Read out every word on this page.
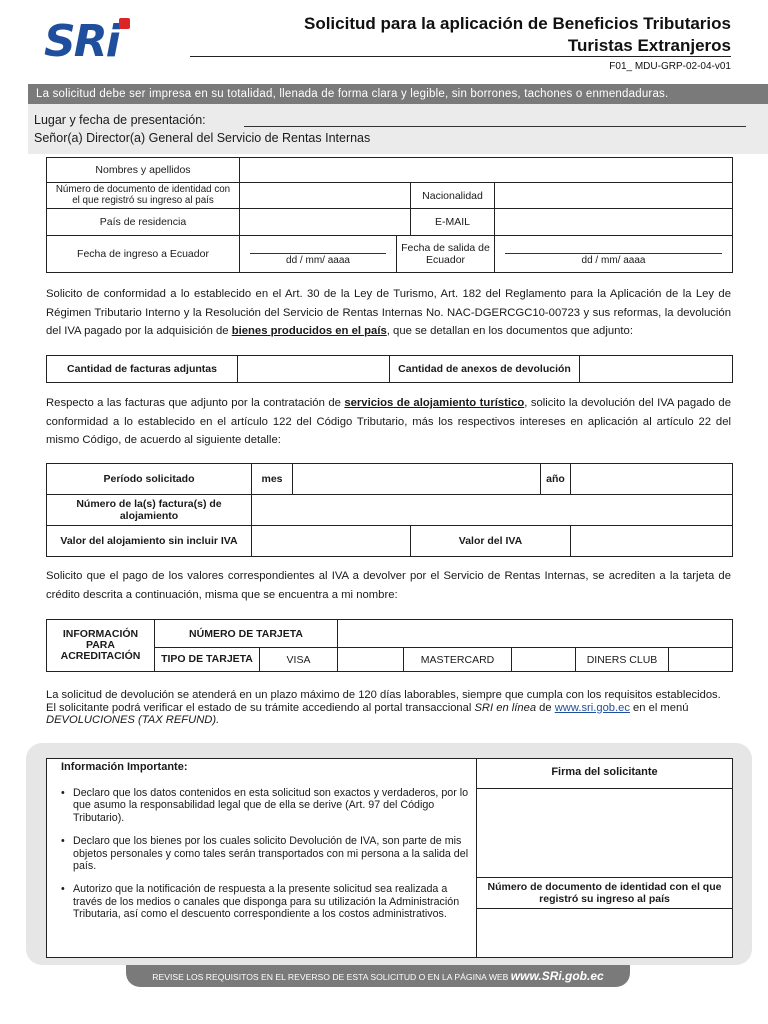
SRi	Solicitud para la aplicación de Beneficios Tributarios
Turistas Extranjeros
F01_ MDU-GRP-02-04-v01
La solicitud debe ser impresa en su totalidad, llenada de forma clara y legible, sin borrones, tachones o enmendaduras.
Lugar y fecha de presentación:
Señor(a) Director(a) General del Servicio de Rentas Internas
Nombres y apellidos				
Número de documento de identidad con el que registró su ingreso al país			Nacionalidad	
País de residencia			E-MAIL	
Fecha de ingreso a Ecuador	dd / mm/ aaaa	Fecha de salida de Ecuador		dd / mm/ aaaa
Solicito de conformidad a lo establecido en el Art. 30 de la Ley de Turismo, Art. 182 del Reglamento para la Aplicación de la Ley de Régimen Tributario Interno y la Resolución del Servicio de Rentas Internas No. NAC-DGERCGC10-00723 y sus reformas, la devolución del IVA pagado por la adquisición de bienes producidos en el país, que se detallan en los documentos que adjunto:
Cantidad de facturas adjuntas		Cantidad de anexos de devolución	
Respecto a las facturas que adjunto por la contratación de servicios de alojamiento turístico, solicito la devolución del IVA pagado de conformidad a lo establecido en el artículo 122 del Código Tributario, más los respectivos intereses en aplicación al artículo 22 del mismo Código, de acuerdo al siguiente detalle:
Período solicitado	mes			año	
Número de la(s) factura(s) de alojamiento					
Valor del alojamiento sin incluir IVA			Valor del IVA		
Solicito que el pago de los valores correspondientes al IVA a devolver por el Servicio de Rentas Internas, se acrediten a la tarjeta de crédito descrita a continuación, misma que se encuentra a mi nombre:
INFORMACIÓN PARA ACREDITACIÓN	NÚMERO DE TARJETA						
	TIPO DE TARJETA	VISA		MASTERCARD		DINERS CLUB	
La solicitud de devolución se atenderá en un plazo máximo de 120 días laborables, siempre que cumpla con los requisitos establecidos.
El solicitante podrá verificar el estado de su trámite accediendo al portal transaccional SRI en línea de www.sri.gob.ec en el menú
DEVOLUCIONES (TAX REFUND).
Información Importante:
• Declaro que los datos contenidos en esta solicitud son exactos y verdaderos, por lo que asumo la responsabilidad legal que de ella se derive (Art. 97 del Código Tributario).
• Declaro que los bienes por los cuales solicito Devolución de IVA, son parte de mis objetos personales y como tales serán transportados con mi persona a la salida del país.
• Autorizo que la notificación de respuesta a la presente solicitud sea realizada a través de los medios o canales que disponga para su utilización la Administración Tributaria, así como el descuento correspondiente a los costos administrativos.
Firma del solicitante
Número de documento de identidad con el que registró su ingreso al país
REVISE LOS REQUISITOS EN EL REVERSO DE ESTA SOLICITUD O EN LA PÁGINA WEB www.SRi.gob.ec
